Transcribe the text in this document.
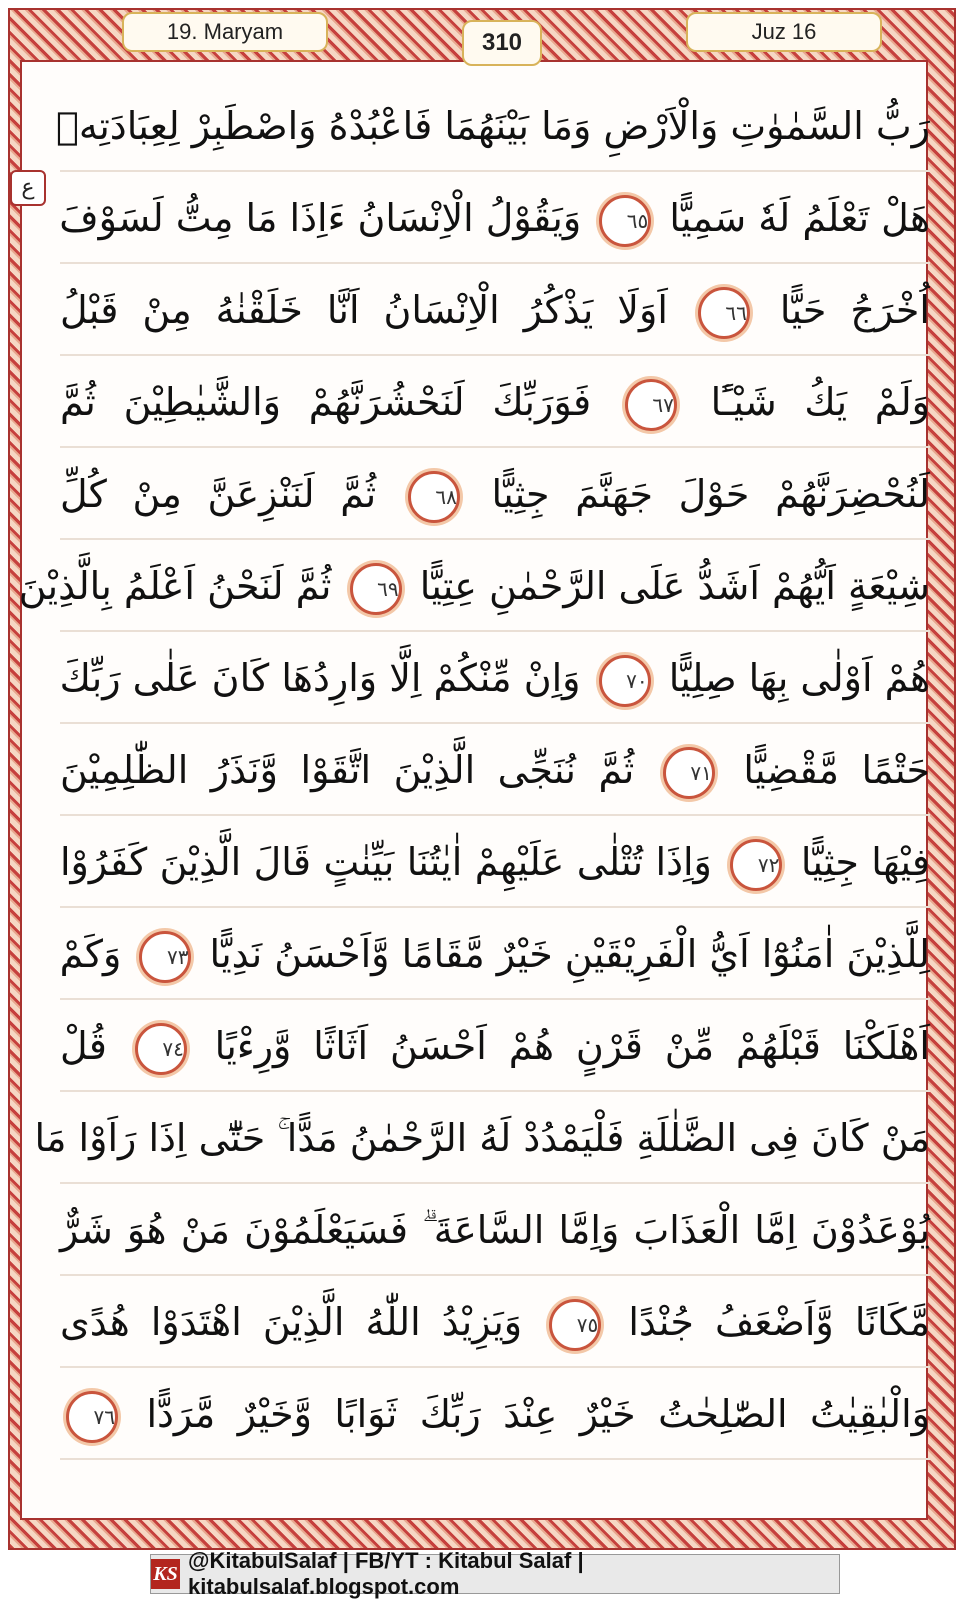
19. Maryam	310	Juz 16
ع
رَبُّ السَّمٰوٰتِ وَالْاَرْضِ وَمَا بَيْنَهُمَا فَاعْبُدْهُ وَاصْطَبِرْ لِعِبَادَتِهٖ
هَلْ تَعْلَمُ لَهٗ سَمِيًّا ٦٥ وَيَقُوْلُ الْاِنْسَانُ ءَاِذَا مَا مِتُّ لَسَوْفَ
اُخْرَجُ حَيًّا ٦٦ اَوَلَا يَذْكُرُ الْاِنْسَانُ اَنَّا خَلَقْنٰهُ مِنْ قَبْلُ
وَلَمْ يَكُ شَيْـًٔا ٦٧ فَوَرَبِّكَ لَنَحْشُرَنَّهُمْ وَالشَّيٰطِيْنَ ثُمَّ
لَنُحْضِرَنَّهُمْ حَوْلَ جَهَنَّمَ جِثِيًّا ٦٨ ثُمَّ لَنَنْزِعَنَّ مِنْ كُلِّ
شِيْعَةٍ اَيُّهُمْ اَشَدُّ عَلَى الرَّحْمٰنِ عِتِيًّا ٦٩ ثُمَّ لَنَحْنُ اَعْلَمُ بِالَّذِيْنَ
هُمْ اَوْلٰى بِهَا صِلِيًّا ٧٠ وَاِنْ مِّنْكُمْ اِلَّا وَارِدُهَا كَانَ عَلٰى رَبِّكَ
حَتْمًا مَّقْضِيًّا ٧١ ثُمَّ نُنَجِّى الَّذِيْنَ اتَّقَوْا وَّنَذَرُ الظّٰلِمِيْنَ
فِيْهَا جِثِيًّا ٧٢ وَاِذَا تُتْلٰى عَلَيْهِمْ اٰيٰتُنَا بَيِّنٰتٍ قَالَ الَّذِيْنَ كَفَرُوْا
لِلَّذِيْنَ اٰمَنُوْٓا اَيُّ الْفَرِيْقَيْنِ خَيْرٌ مَّقَامًا وَّاَحْسَنُ نَدِيًّا ٧٣ وَكَمْ
اَهْلَكْنَا قَبْلَهُمْ مِّنْ قَرْنٍ هُمْ اَحْسَنُ اَثَاثًا وَّرِءْيًا ٧٤ قُلْ
مَنْ كَانَ فِى الضَّلٰلَةِ فَلْيَمْدُدْ لَهُ الرَّحْمٰنُ مَدًّا ۚ حَتّٰٓى اِذَا رَاَوْا مَا
يُوْعَدُوْنَ اِمَّا الْعَذَابَ وَاِمَّا السَّاعَةَ ۗ فَسَيَعْلَمُوْنَ مَنْ هُوَ شَرٌّ
مَّكَانًا وَّاَضْعَفُ جُنْدًا ٧٥ وَيَزِيْدُ اللّٰهُ الَّذِيْنَ اهْتَدَوْا هُدًى
وَالْبٰقِيٰتُ الصّٰلِحٰتُ خَيْرٌ عِنْدَ رَبِّكَ ثَوَابًا وَّخَيْرٌ مَّرَدًّا ٧٦
KS
@KitabulSalaf | FB/YT : Kitabul Salaf | kitabulsalaf.blogspot.com
